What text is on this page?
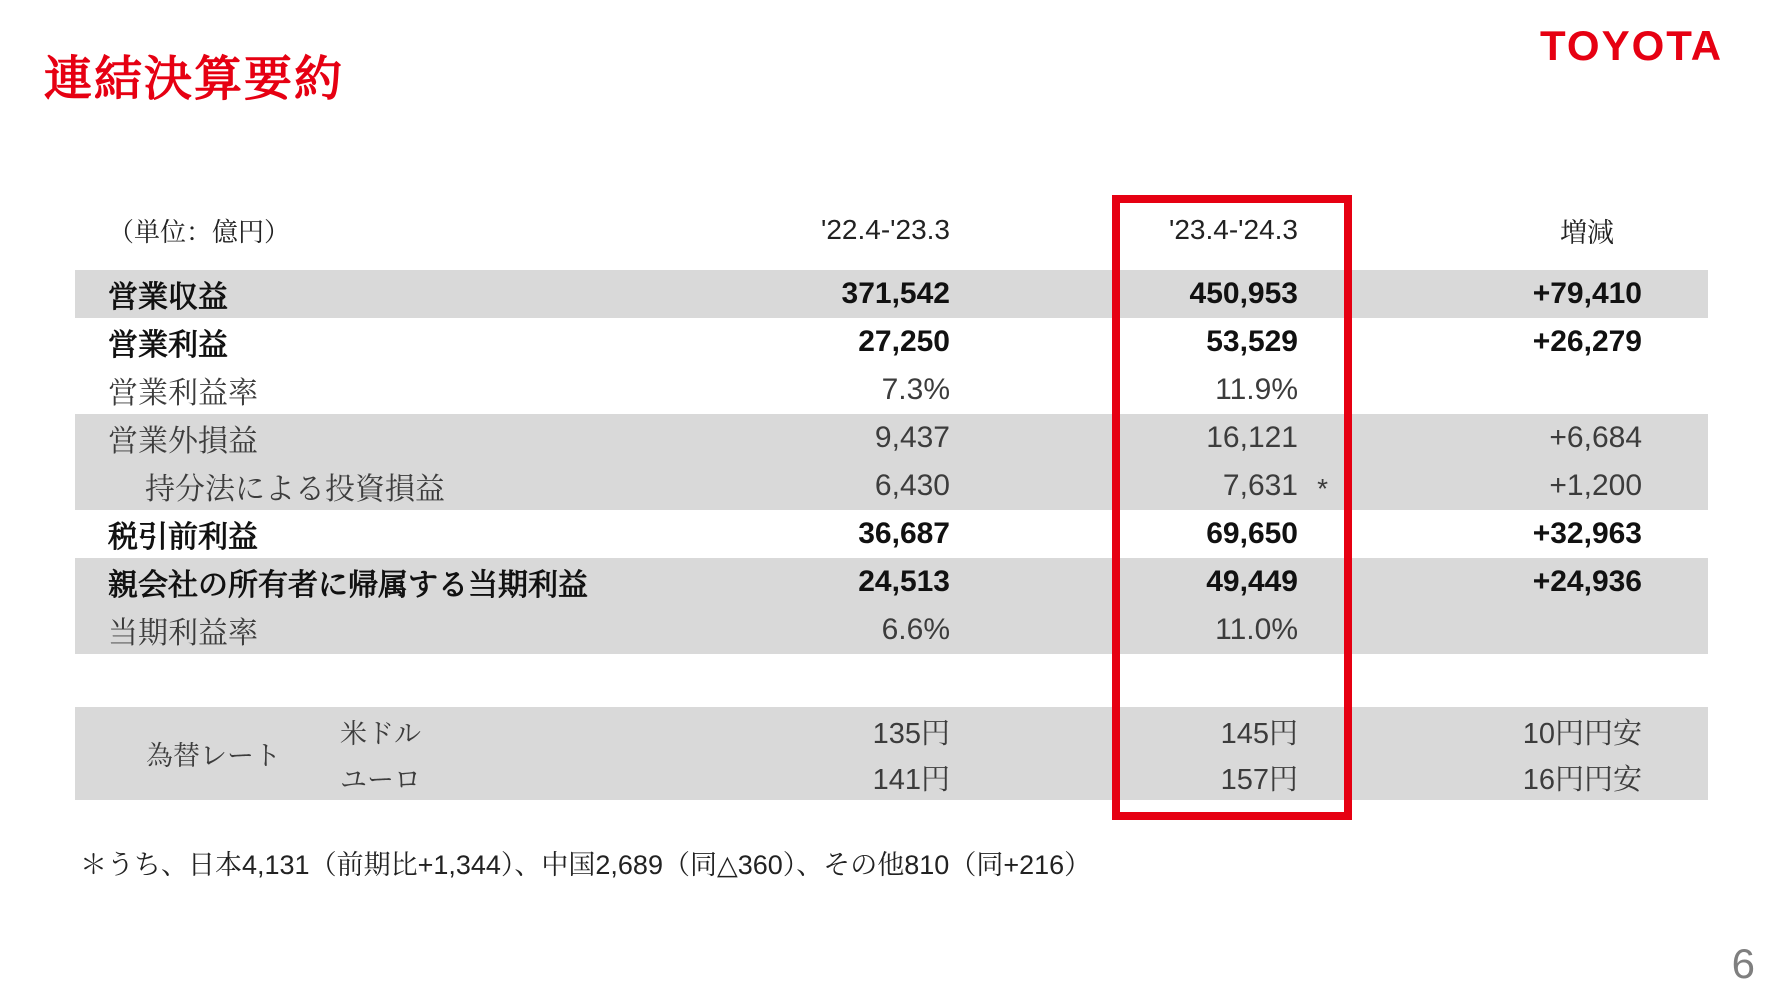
連結決算要約
TOYOTA
（単位：億円）	'22.4-'23.3	'23.4-'24.3	増減
営業収益	371,542	450,953	+79,410
営業利益	27,250	53,529	+26,279
営業利益率	7.3%	11.9%
営業外損益	9,437	16,121	+6,684
持分法による投資損益	6,430	7,631 *	+1,200
税引前利益	36,687	69,650	+32,963
親会社の所有者に帰属する当期利益	24,513	49,449	+24,936
当期利益率	6.6%	11.0%
為替レート
米ドル	135円	145円	10円円安
ユーロ	141円	157円	16円円安
＊うち、日本4,131（前期比+1,344）、中国2,689（同△360）、その他810（同+216）
6
